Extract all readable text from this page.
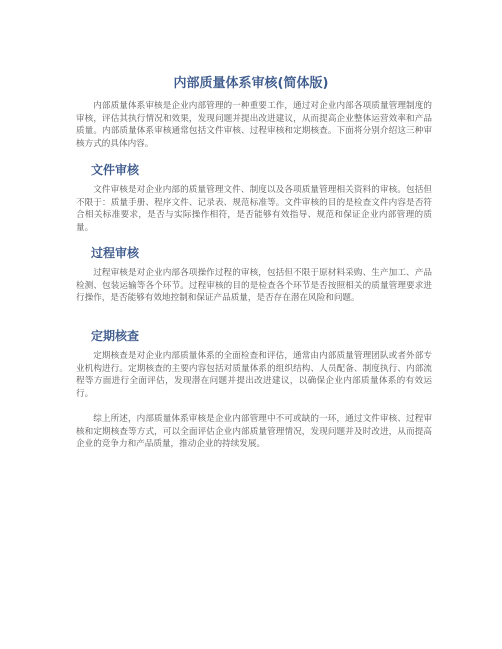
内部质量体系审核(简体版)

内部质量体系审核是企业内部管理的一种重要工作，通过对企业内部各项质量管理制度的审核，评估其执行情况和效果，发现问题并提出改进建议，从而提高企业整体运营效率和产品质量。内部质量体系审核通常包括文件审核、过程审核和定期核查。下面将分别介绍这三种审核方式的具体内容。

文件审核

文件审核是对企业内部的质量管理文件、制度以及各项质量管理相关资料的审核。包括但不限于：质量手册、程序文件、记录表、规范标准等。文件审核的目的是检查文件内容是否符合相关标准要求，是否与实际操作相符，是否能够有效指导、规范和保证企业内部管理的质量。

过程审核

过程审核是对企业内部各项操作过程的审核，包括但不限于原材料采购、生产加工、产品检测、包装运输等各个环节。过程审核的目的是检查各个环节是否按照相关的质量管理要求进行操作，是否能够有效地控制和保证产品质量，是否存在潜在风险和问题。

定期核查

定期核查是对企业内部质量体系的全面检查和评估，通常由内部质量管理团队或者外部专业机构进行。定期核查的主要内容包括对质量体系的组织结构、人员配备、制度执行、内部流程等方面进行全面评估，发现潜在问题并提出改进建议，以确保企业内部质量体系的有效运行。

综上所述，内部质量体系审核是企业内部管理中不可或缺的一环，通过文件审核、过程审核和定期核查等方式，可以全面评估企业内部质量管理情况，发现问题并及时改进，从而提高企业的竞争力和产品质量，推动企业的持续发展。
